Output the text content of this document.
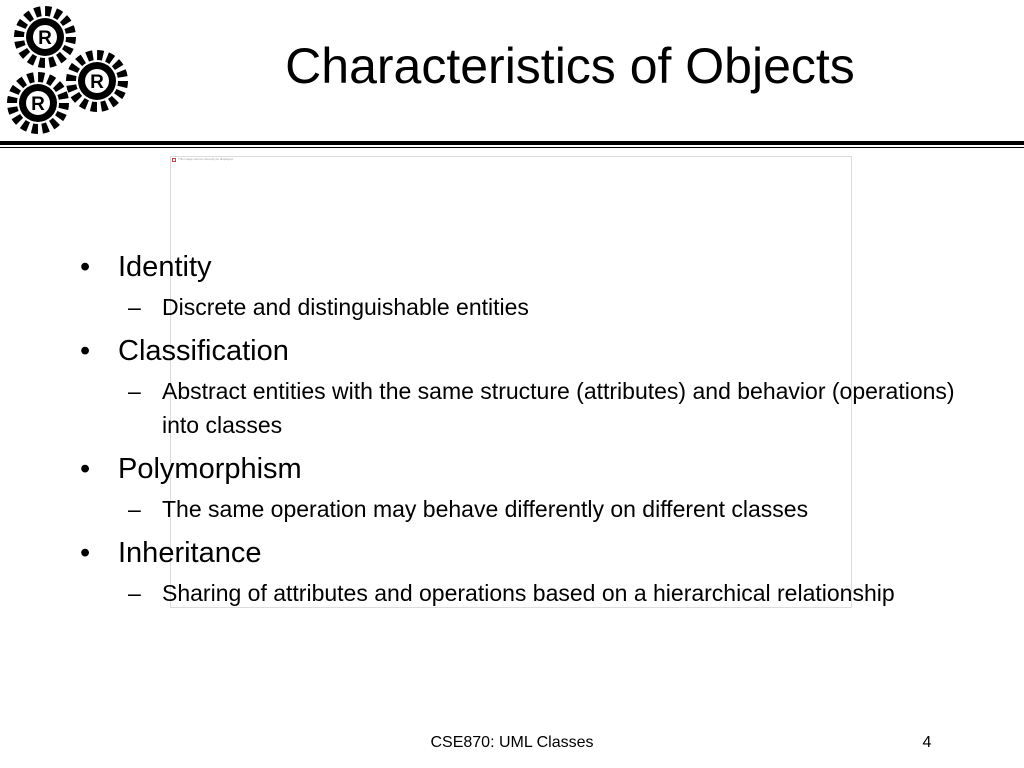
R
R
R
Characteristics of Objects
This image cannot currently be displayed.
• Identity
– Discrete and distinguishable entities
• Classification
– Abstract entities with the same structure (attributes) and behavior (operations) into classes
• Polymorphism
– The same operation may behave differently on different classes
• Inheritance
– Sharing of attributes and operations based on a hierarchical relationship
CSE870: UML Classes	4
